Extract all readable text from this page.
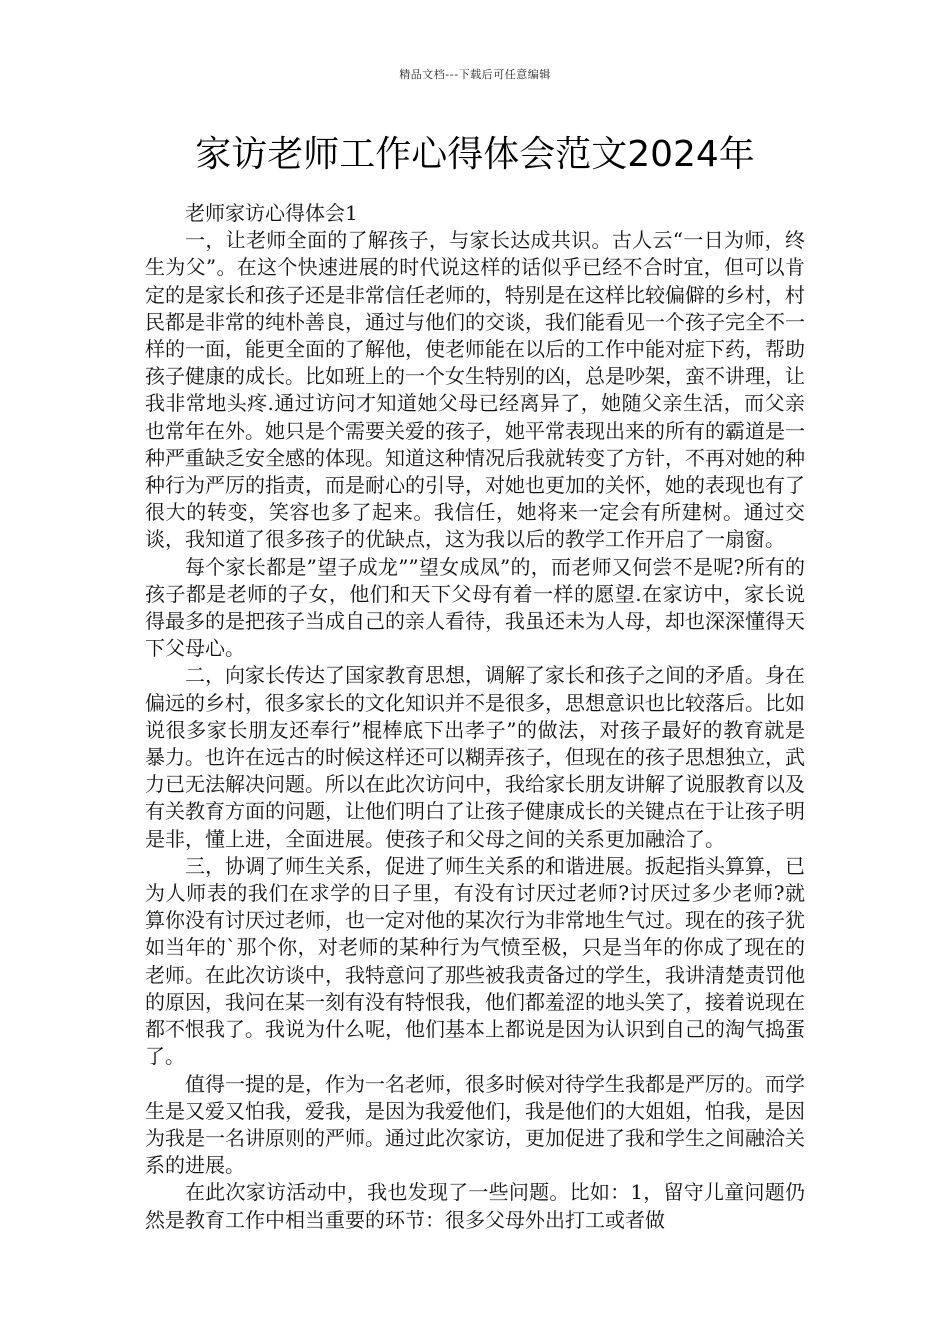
精品文档---下载后可任意编辑
家访老师工作心得体会范文2024年

老师家访心得体会1

一，让老师全面的了解孩子，与家长达成共识。古人云“一日为师，终生为父”。在这个快速进展的时代说这样的话似乎已经不合时宜，但可以肯定的是家长和孩子还是非常信任老师的，特别是在这样比较偏僻的乡村，村民都是非常的纯朴善良，通过与他们的交谈，我们能看见一个孩子完全不一样的一面，能更全面的了解他，使老师能在以后的工作中能对症下药，帮助孩子健康的成长。比如班上的一个女生特别的凶，总是吵架，蛮不讲理，让我非常地头疼.通过访问才知道她父母已经离异了，她随父亲生活，而父亲也常年在外。她只是个需要关爱的孩子，她平常表现出来的所有的霸道是一种严重缺乏安全感的体现。知道这种情况后我就转变了方针，不再对她的种种行为严厉的指责，而是耐心的引导，对她也更加的关怀，她的表现也有了很大的转变，笑容也多了起来。我信任，她将来一定会有所建树。通过交谈，我知道了很多孩子的优缺点，这为我以后的教学工作开启了一扇窗。

每个家长都是”望子成龙””望女成凤”的，而老师又何尝不是呢?所有的孩子都是老师的子女，他们和天下父母有着一样的愿望.在家访中，家长说得最多的是把孩子当成自己的亲人看待，我虽还未为人母，却也深深懂得天下父母心。

二，向家长传达了国家教育思想，调解了家长和孩子之间的矛盾。身在偏远的乡村，很多家长的文化知识并不是很多，思想意识也比较落后。比如说很多家长朋友还奉行”棍棒底下出孝子”的做法，对孩子最好的教育就是暴力。也许在远古的时候这样还可以糊弄孩子，但现在的孩子思想独立，武力已无法解决问题。所以在此次访问中，我给家长朋友讲解了说服教育以及有关教育方面的问题，让他们明白了让孩子健康成长的关键点在于让孩子明是非，懂上进，全面进展。使孩子和父母之间的关系更加融洽了。

三，协调了师生关系，促进了师生关系的和谐进展。扳起指头算算，已为人师表的我们在求学的日子里，有没有讨厌过老师?讨厌过多少老师?就算你没有讨厌过老师，也一定对他的某次行为非常地生气过。现在的孩子犹如当年的`那个你，对老师的某种行为气愤至极，只是当年的你成了现在的老师。在此次访谈中，我特意问了那些被我责备过的学生，我讲清楚责罚他的原因，我问在某一刻有没有特恨我，他们都羞涩的地头笑了，接着说现在都不恨我了。我说为什么呢，他们基本上都说是因为认识到自己的淘气捣蛋了。

值得一提的是，作为一名老师，很多时候对待学生我都是严厉的。而学生是又爱又怕我，爱我，是因为我爱他们，我是他们的大姐姐，怕我，是因为我是一名讲原则的严师。通过此次家访，更加促进了我和学生之间融洽关系的进展。

在此次家访活动中，我也发现了一些问题。比如：1，留守儿童问题仍然是教育工作中相当重要的环节：很多父母外出打工或者做
